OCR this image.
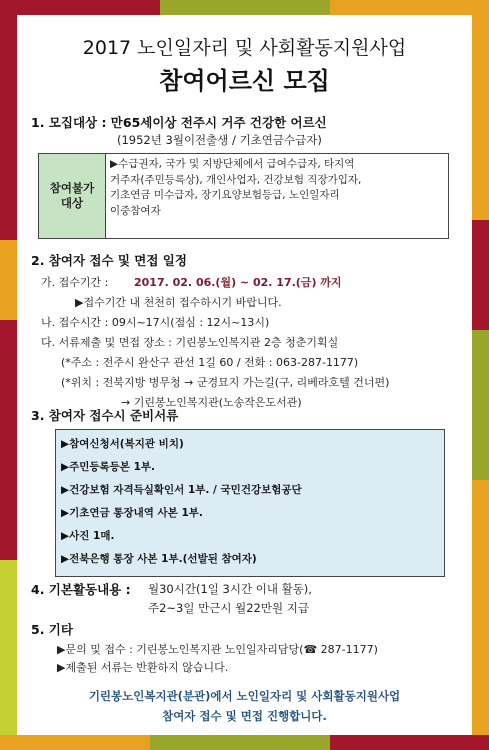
2017 노인일자리 및 사회활동지원사업
참여어르신 모집
1. 모집대상 : 만65세이상 전주시 거주 건강한 어르신
(1952년 3월이전출생 / 기초연금수급자)
참여불가
대상
▶수급권자, 국가 및 지방단체에서 급여수급자, 타지역
거주자(주민등록상), 개인사업자, 건강보험 직장가입자,
기초연금 미수급자, 장기요양보험등급, 노인일자리
이중참여자
2. 참여자 접수 및 면접 일정
가. 접수기간 : 2017. 02. 06.(월) ~ 02. 17.(금) 까지
▶접수기간 내 천천히 접수하시기 바랍니다.
나. 접수시간 : 09시~17시(점심 : 12시~13시)
다. 서류제출 및 면접 장소 : 기린봉노인복지관 2층 청춘기획실
(*주소 : 전주시 완산구 관선 1길 60 / 전화 : 063-287-1177)
(*위치 : 전북지방 병무청 → 군경묘지 가는길(구, 리베라호텔 건너편)
→ 기린봉노인복지관(노송작은도서관)
3. 참여자 접수시 준비서류
▶참여신청서(복지관 비치)
▶주민등록등본 1부.
▶건강보험 자격득실확인서 1부. / 국민건강보험공단
▶기초연금 통장내역 사본 1부.
▶사진 1매.
▶전북은행 통장 사본 1부.(선발된 참여자)
4. 기본활동내용 : 월30시간(1일 3시간 이내 활동),
주2~3일 만근시 월22만원 지급
5. 기타
▶문의 및 접수 : 기린봉노인복지관 노인일자리담당(☎ 287-1177)
▶제출된 서류는 반환하지 않습니다.
기린봉노인복지관(분관)에서 노인일자리 및 사회활동지원사업
참여자 접수 및 면접 진행합니다.
